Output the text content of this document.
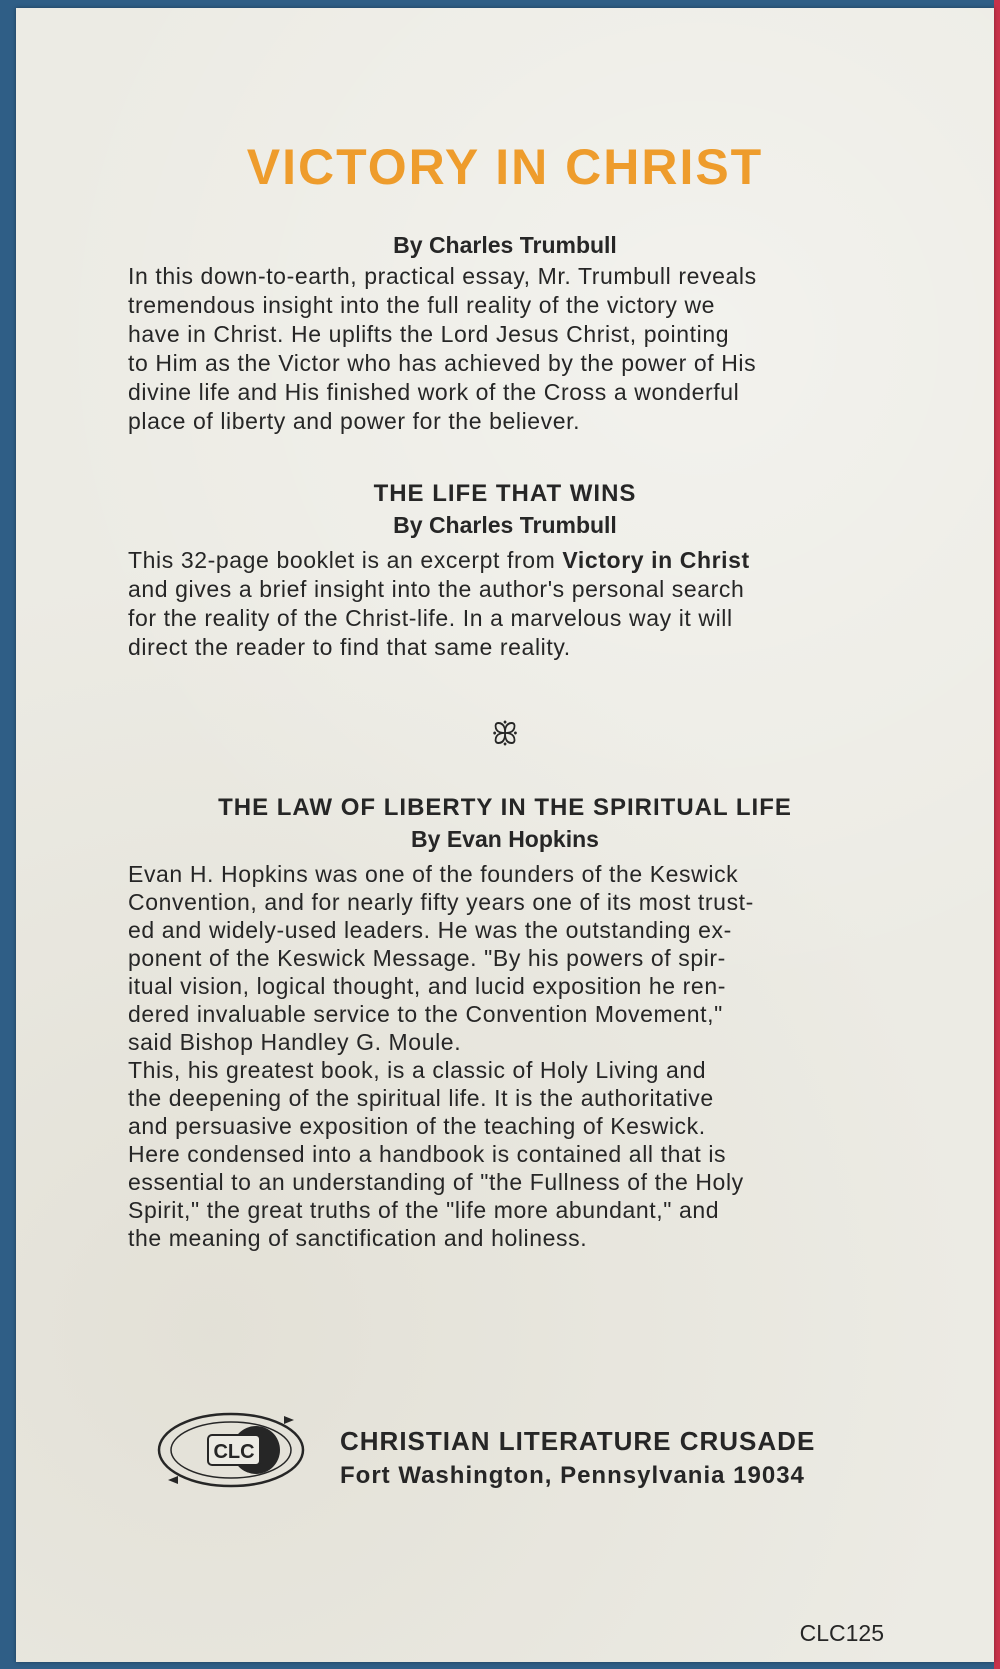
VICTORY IN CHRIST

By Charles Trumbull

In this down-to-earth, practical essay, Mr. Trumbull reveals

tremendous insight into the full reality of the victory we

have in Christ. He uplifts the Lord Jesus Christ, pointing

to Him as the Victor who has achieved by the power of His

divine life and His finished work of the Cross a wonderful

place of liberty and power for the believer.

THE LIFE THAT WINS

By Charles Trumbull

This 32-page booklet is an excerpt from Victory in Christ

and gives a brief insight into the author's personal search

for the reality of the Christ-life. In a marvelous way it will

direct the reader to find that same reality.

ꕥ

THE LAW OF LIBERTY IN THE SPIRITUAL LIFE

By Evan Hopkins

Evan H. Hopkins was one of the founders of the Keswick

Convention, and for nearly fifty years one of its most trust-

ed and widely-used leaders. He was the outstanding ex-

ponent of the Keswick Message. "By his powers of spir-

itual vision, logical thought, and lucid exposition he ren-

dered invaluable service to the Convention Movement,"

said Bishop Handley G. Moule.

This, his greatest book, is a classic of Holy Living and

the deepening of the spiritual life. It is the authoritative

and persuasive exposition of the teaching of Keswick.

Here condensed into a handbook is contained all that is

essential to an understanding of "the Fullness of the Holy

Spirit," the great truths of the "life more abundant," and

the meaning of sanctification and holiness.

CLC	CHRISTIAN LITERATURE CRUSADE

Fort Washington, Pennsylvania 19034

CLC125
